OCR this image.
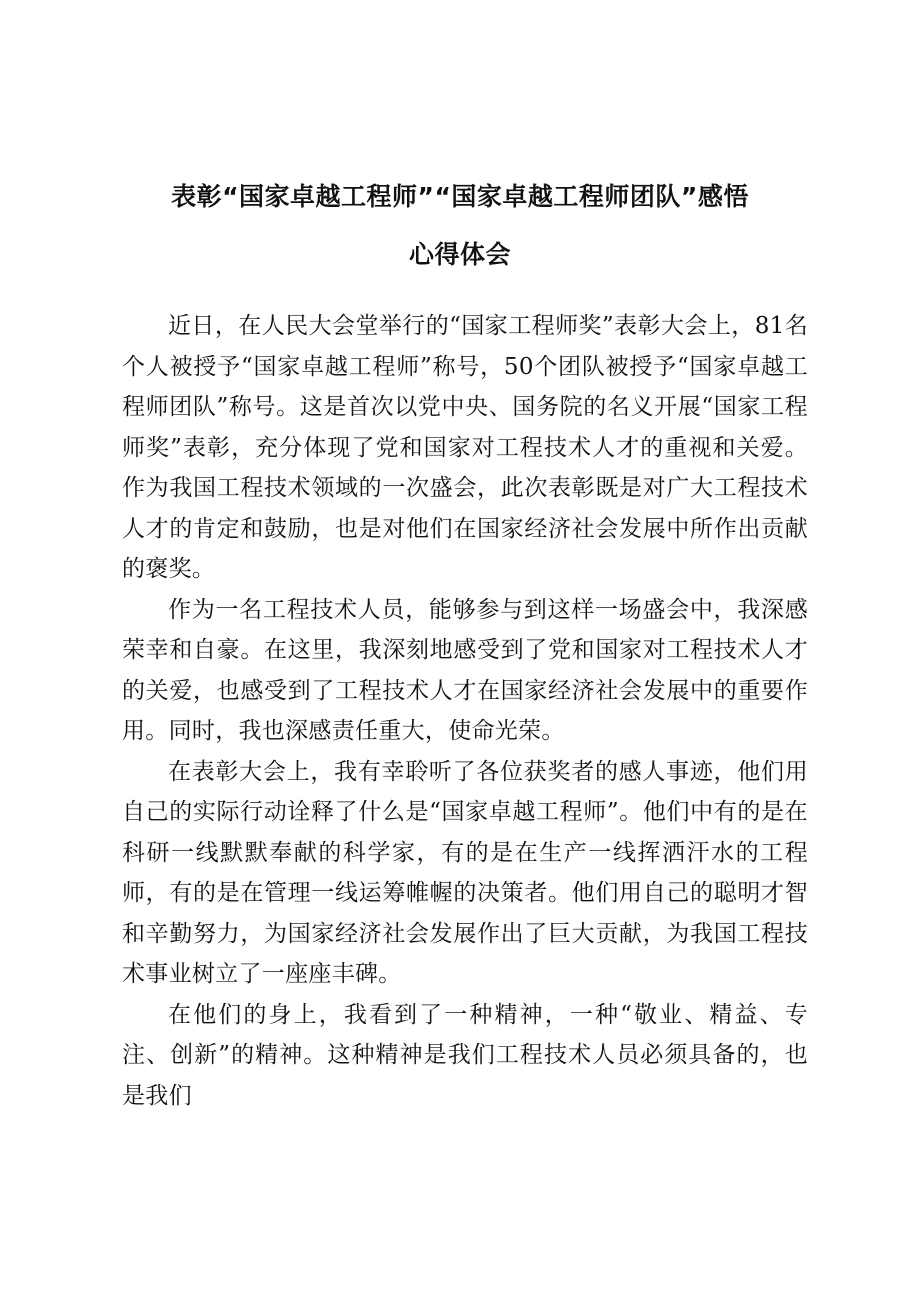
表彰“国家卓越工程师”“国家卓越工程师团队”感悟
心得体会

近日，在人民大会堂举行的“国家工程师奖”表彰大会上，81名个人被授予“国家卓越工程师”称号，50个团队被授予“国家卓越工程师团队”称号。这是首次以党中央、国务院的名义开展“国家工程师奖”表彰，充分体现了党和国家对工程技术人才的重视和关爱。作为我国工程技术领域的一次盛会，此次表彰既是对广大工程技术人才的肯定和鼓励，也是对他们在国家经济社会发展中所作出贡献的褒奖。

作为一名工程技术人员，能够参与到这样一场盛会中，我深感荣幸和自豪。在这里，我深刻地感受到了党和国家对工程技术人才的关爱，也感受到了工程技术人才在国家经济社会发展中的重要作用。同时，我也深感责任重大，使命光荣。

在表彰大会上，我有幸聆听了各位获奖者的感人事迹，他们用自己的实际行动诠释了什么是“国家卓越工程师”。他们中有的是在科研一线默默奉献的科学家，有的是在生产一线挥洒汗水的工程师，有的是在管理一线运筹帷幄的决策者。他们用自己的聪明才智和辛勤努力，为国家经济社会发展作出了巨大贡献，为我国工程技术事业树立了一座座丰碑。

在他们的身上，我看到了一种精神，一种“敬业、精益、专注、创新”的精神。这种精神是我们工程技术人员必须具备的，也是我们
